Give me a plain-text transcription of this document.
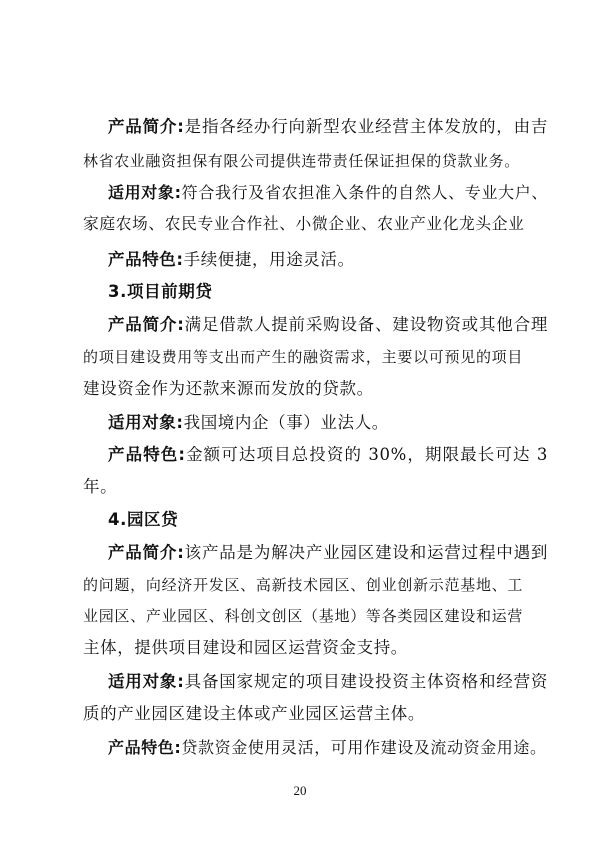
产品简介:是指各经办行向新型农业经营主体发放的，由吉
林省农业融资担保有限公司提供连带责任保证担保的贷款业务。
适用对象:符合我行及省农担准入条件的自然人、专业大户、
家庭农场、农民专业合作社、小微企业、农业产业化龙头企业
产品特色:手续便捷，用途灵活。
3.项目前期贷
产品简介:满足借款人提前采购设备、建设物资或其他合理
的项目建设费用等支出而产生的融资需求，主要以可预见的项目
建设资金作为还款来源而发放的贷款。
适用对象:我国境内企（事）业法人。
产品特色:金额可达项目总投资的 30%，期限最长可达 3
年。
4.园区贷
产品简介:该产品是为解决产业园区建设和运营过程中遇到
的问题，向经济开发区、高新技术园区、创业创新示范基地、工
业园区、产业园区、科创文创区（基地）等各类园区建设和运营
主体，提供项目建设和园区运营资金支持。
适用对象:具备国家规定的项目建设投资主体资格和经营资
质的产业园区建设主体或产业园区运营主体。
产品特色:贷款资金使用灵活，可用作建设及流动资金用途。
20
